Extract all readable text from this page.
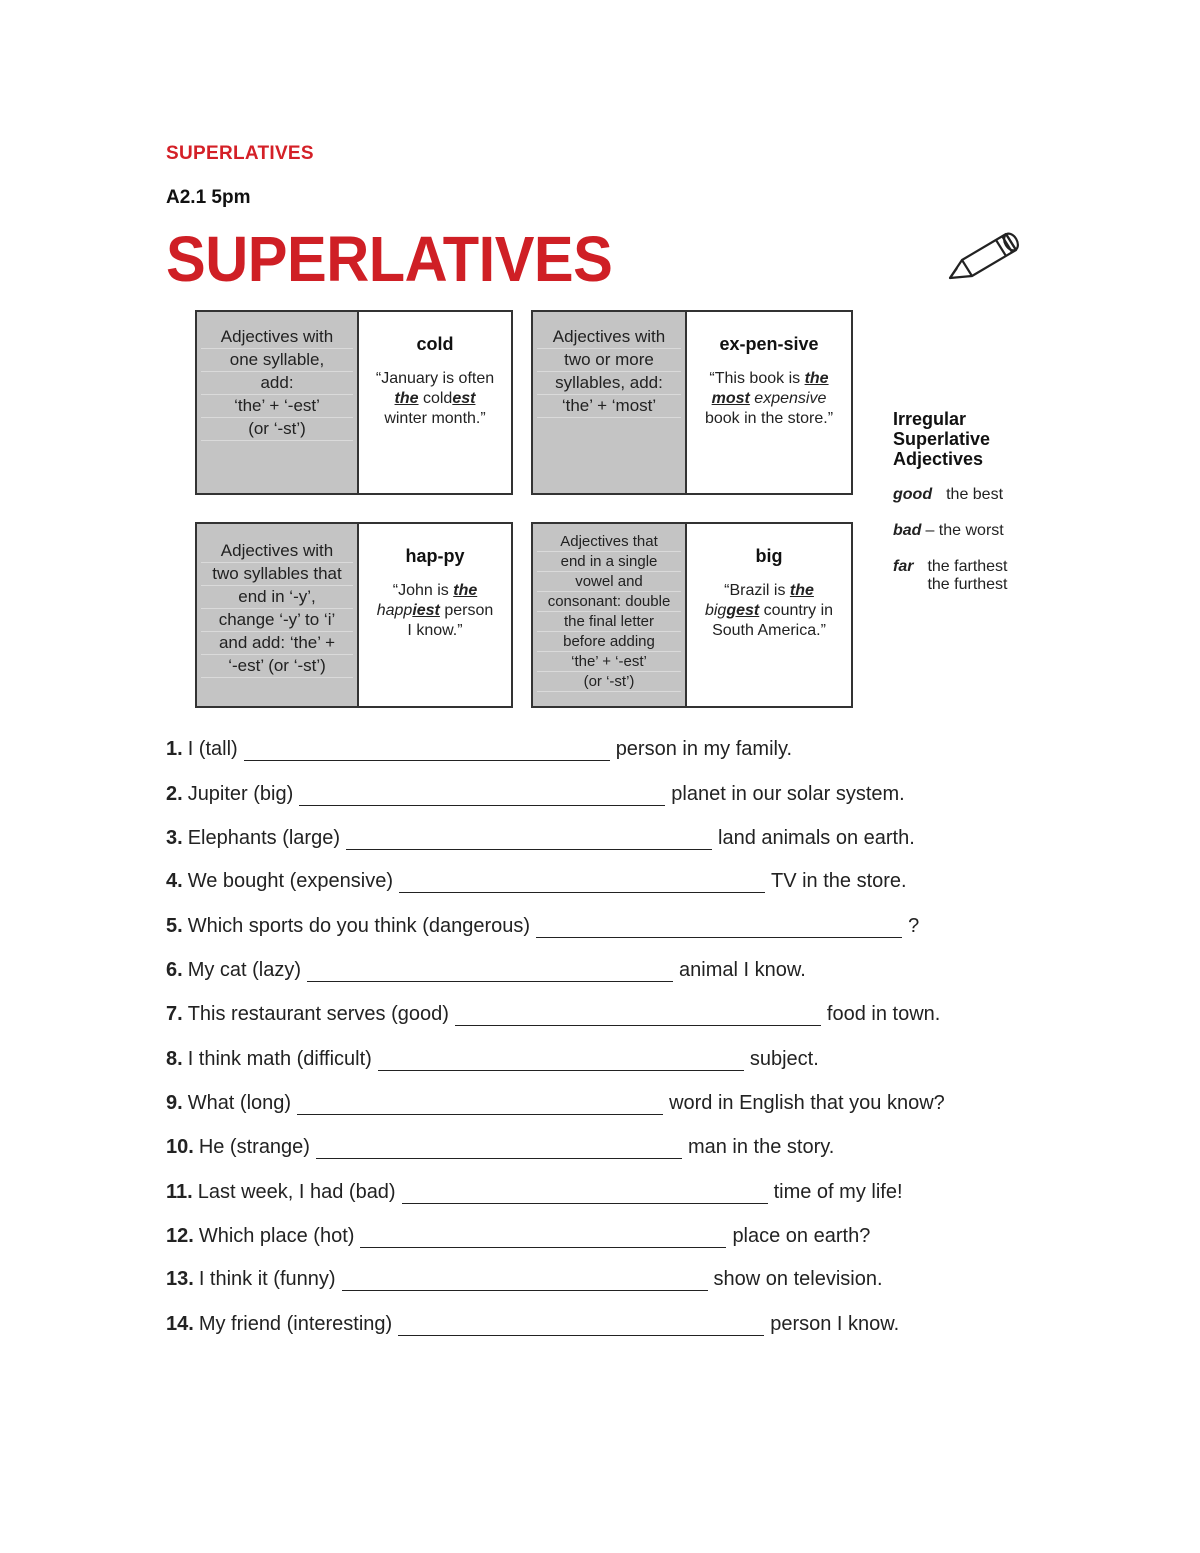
SUPERLATIVES
A2.1 5pm
SUPERLATIVES
Adjectives with
one syllable,
add:
‘the’ + ‘-est’
(or ‘-st’)
cold
“January is often
the coldest
winter month.”
Adjectives with
two or more
syllables, add:
‘the’ + ‘most’
ex-pen-sive
“This book is the
most expensive
book in the store.”
Adjectives with
two syllables that
end in ‘-y’,
change ‘-y’ to ‘i’
and add: ‘the’ +
‘-est’ (or ‘-st’)
hap-py
“John is the
happiest person
I know.”
Adjectives that
end in a single
vowel and
consonant: double
the final letter
before adding
‘the’ + ‘-est’
(or ‘-st’)
big
“Brazil is the
biggest country in
South America.”
Irregular
Superlative
Adjectives
good the best
bad – the worst
far the farthest
the furthest
1. I (tall)	person in my family.
2. Jupiter (big)	planet in our solar system.
3. Elephants (large)	land animals on earth.
4. We bought (expensive)	TV in the store.
5. Which sports do you think (dangerous)	?
6. My cat (lazy)	animal I know.
7. This restaurant serves (good)	food in town.
8. I think math (difficult)	subject.
9. What (long)	word in English that you know?
10. He (strange)	man in the story.
11. Last week, I had (bad)	time of my life!
12. Which place (hot)	place on earth?
13. I think it (funny)	show on television.
14. My friend (interesting)	person I know.
